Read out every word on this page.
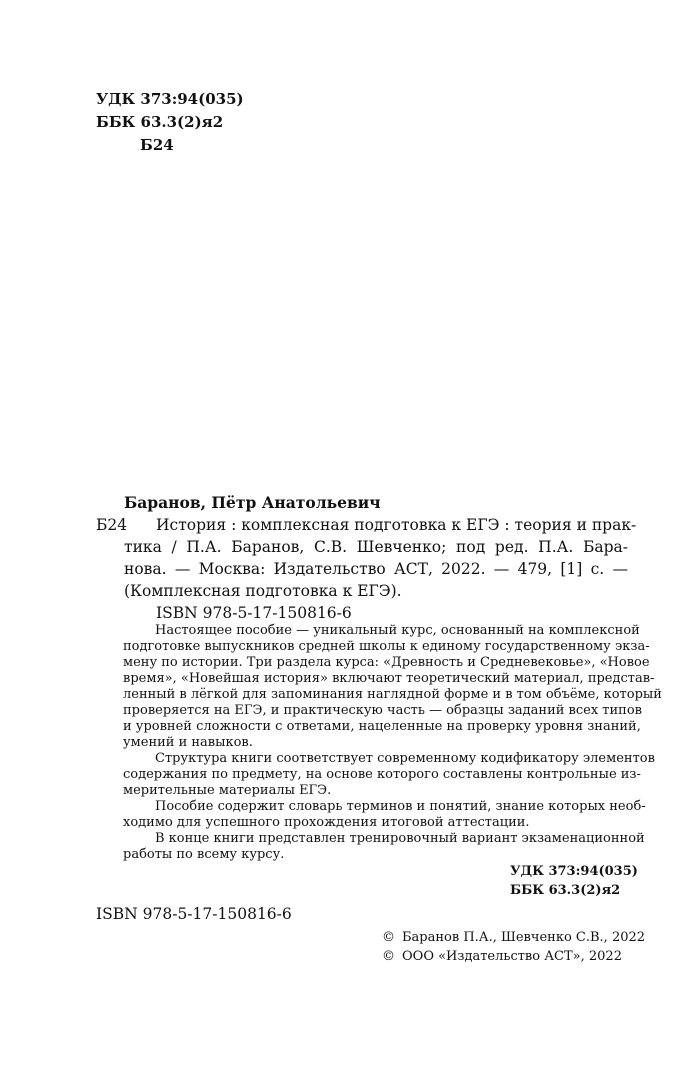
УДК 373:94(035)
ББК 63.3(2)я2
Б24
Баранов, Пётр Анатольевич
Б24 История : комплексная подготовка к ЕГЭ : теория и прак-
тика / П.А. Баранов, С.В. Шевченко; под ред. П.А. Бара-
нова. — Москва: Издательство АСТ, 2022. — 479, [1] с. —
(Комплексная подготовка к ЕГЭ).
ISBN 978-5-17-150816-6
Настоящее пособие — уникальный курс, основанный на комплексной
подготовке выпускников средней школы к единому государственному экза-
мену по истории. Три раздела курса: «Древность и Средневековье», «Новое
время», «Новейшая история» включают теоретический материал, представ-
ленный в лёгкой для запоминания наглядной форме и в том объёме, который
проверяется на ЕГЭ, и практическую часть — образцы заданий всех типов
и уровней сложности с ответами, нацеленные на проверку уровня знаний,
умений и навыков.
Структура книги соответствует современному кодификатору элементов
содержания по предмету, на основе которого составлены контрольные из-
мерительные материалы ЕГЭ.
Пособие содержит словарь терминов и понятий, знание которых необ-
ходимо для успешного прохождения итоговой аттестации.
В конце книги представлен тренировочный вариант экзаменационной
работы по всему курсу.
УДК 373:94(035)
ББК 63.3(2)я2
ISBN 978-5-17-150816-6
© Баранов П.А., Шевченко С.В., 2022
© ООО «Издательство АСТ», 2022
